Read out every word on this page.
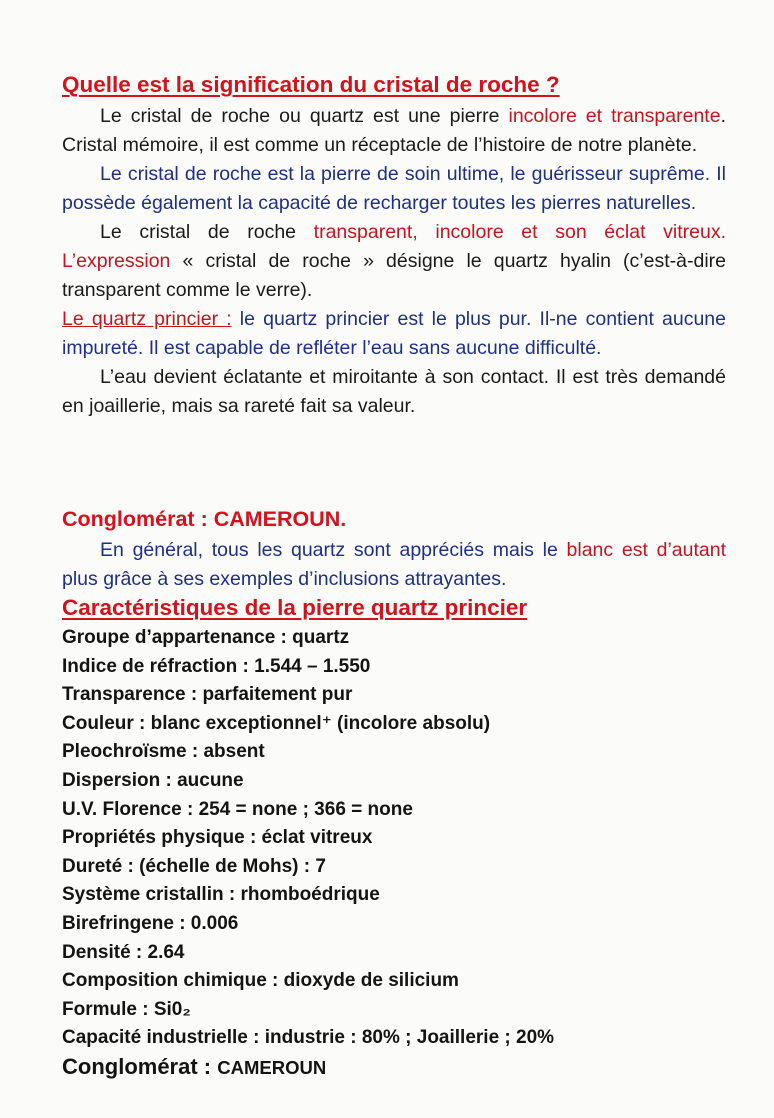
Quelle est la signification du cristal de roche ?

Le cristal de roche ou quartz est une pierre incolore et transparente. Cristal mémoire, il est comme un réceptacle de l’histoire de notre planète.

Le cristal de roche est la pierre de soin ultime, le guérisseur suprême. Il possède également la capacité de recharger toutes les pierres naturelles.

Le cristal de roche transparent, incolore et son éclat vitreux. L’expression « cristal de roche » désigne le quartz hyalin (c’est-à-dire transparent comme le verre).

Le quartz princier : le quartz princier est le plus pur. Il-ne contient aucune impureté. Il est capable de refléter l’eau sans aucune difficulté.

L’eau devient éclatante et miroitante à son contact. Il est très demandé en joaillerie, mais sa rareté fait sa valeur.

Conglomérat : CAMEROUN.

En général, tous les quartz sont appréciés mais le blanc est d’autant plus grâce à ses exemples d’inclusions attrayantes.

Caractéristiques de la pierre quartz princier

Groupe d’appartenance : quartz

Indice de réfraction : 1.544 – 1.550

Transparence : parfaitement pur

Couleur : blanc exceptionnel⁺ (incolore absolu)

Pleochroïsme : absent

Dispersion : aucune

U.V. Florence : 254 = none ; 366 = none

Propriétés physique : éclat vitreux

Dureté : (échelle de Mohs) : 7

Système cristallin : rhomboédrique

Birefringene : 0.006

Densité : 2.64

Composition chimique : dioxyde de silicium

Formule : Si0₂

Capacité industrielle : industrie : 80% ; Joaillerie ; 20%

Conglomérat : CAMEROUN
